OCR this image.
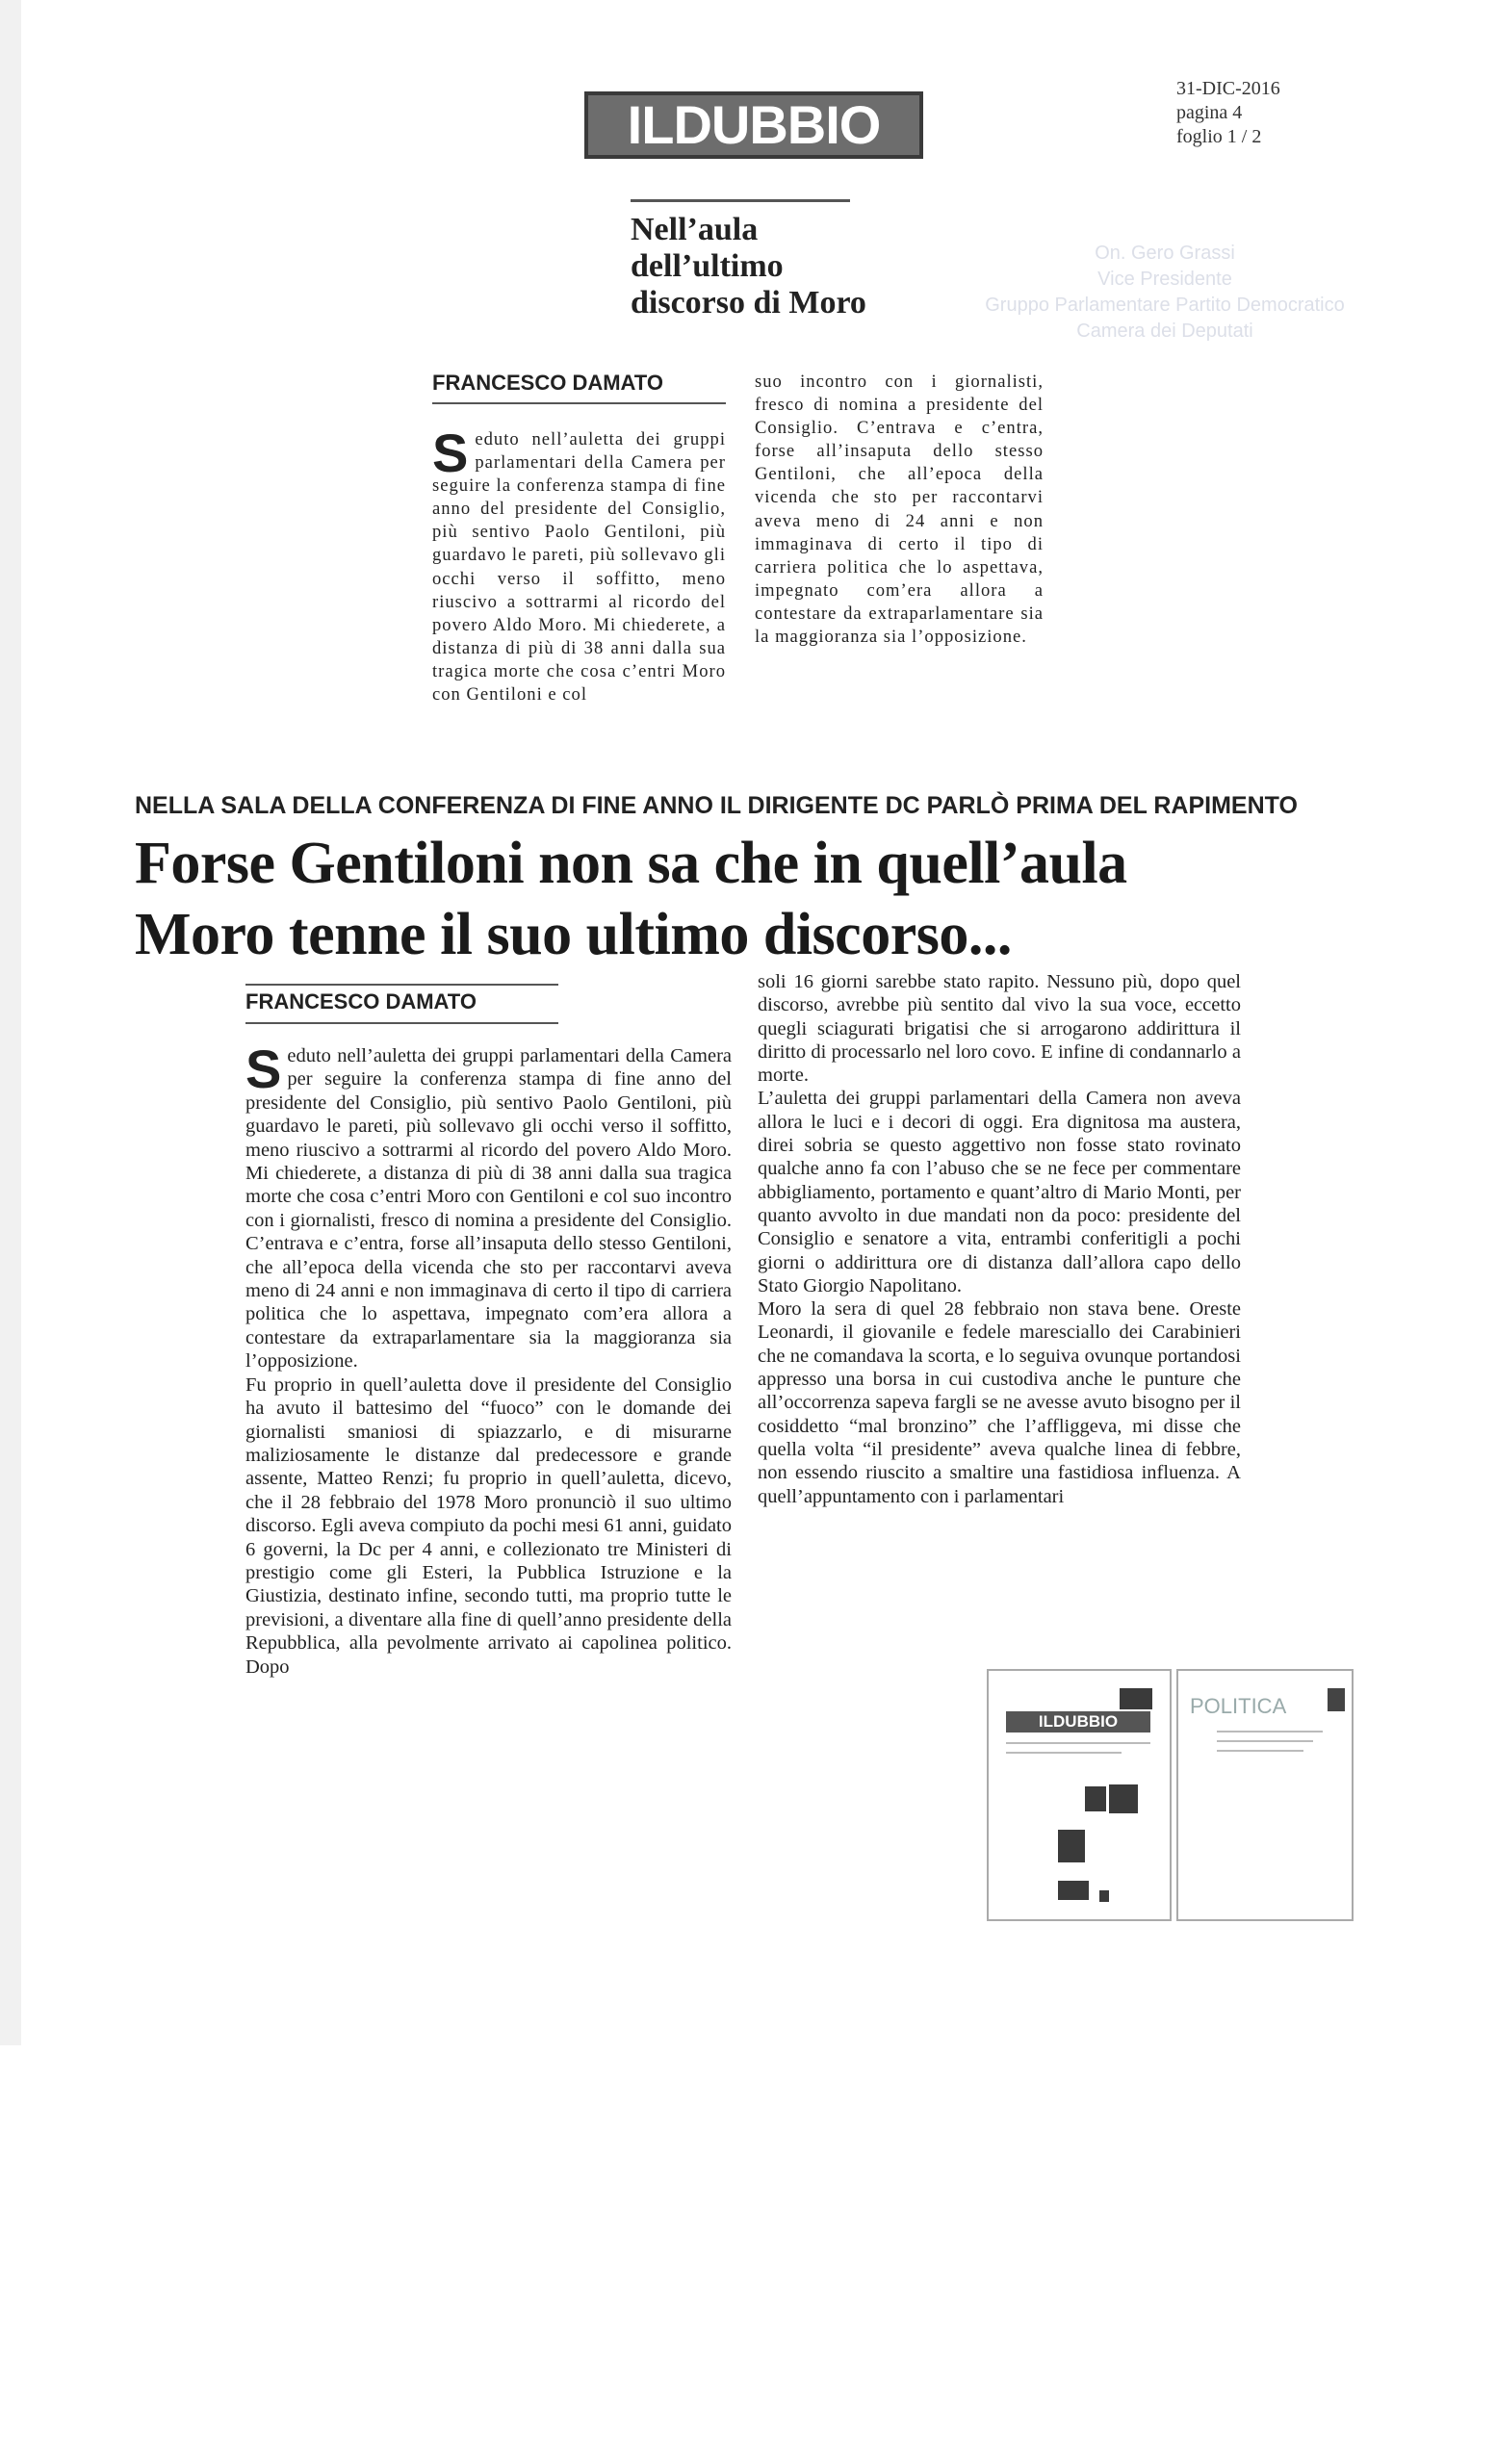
ILDUBBIO
31-DIC-2016
pagina 4
foglio 1 / 2
On. Gero Grassi
Vice Presidente
Gruppo Parlamentare Partito Democratico
Camera dei Deputati
Nell’aula dell’ultimo discorso di Moro
FRANCESCO DAMATO
Seduto nell’auletta dei gruppi parlamentari della Camera per seguire la conferenza stampa di fine anno del presidente del Consiglio, più sentivo Paolo Gentiloni, più guardavo le pareti, più sollevavo gli occhi verso il soffitto, meno riuscivo a sottrarmi al ricordo del povero Aldo Moro. Mi chiederete, a distanza di più di 38 anni dalla sua tragica morte che cosa c’entri Moro con Gentiloni e col
suo incontro con i giornalisti, fresco di nomina a presidente del Consiglio. C’entrava e c’entra, forse all’insaputa dello stesso Gentiloni, che all’epoca della vicenda che sto per raccontarvi aveva meno di 24 anni e non immaginava di certo il tipo di carriera politica che lo aspettava, impegnato com’era allora a contestare da extraparlamentare sia la maggioranza sia l’opposizione.
NELLA SALA DELLA CONFERENZA DI FINE ANNO IL DIRIGENTE DC PARLÒ PRIMA DEL RAPIMENTO
Forse Gentiloni non sa che in quell’aula
Moro tenne il suo ultimo discorso...
FRANCESCO DAMATO

Seduto nell’auletta dei gruppi parlamentari della Camera per seguire la conferenza stampa di fine anno del presidente del Consiglio, più sentivo Paolo Gentiloni, più guardavo le pareti, più sollevavo gli occhi verso il soffitto, meno riuscivo a sottrarmi al ricordo del povero Aldo Moro. Mi chiederete, a distanza di più di 38 anni dalla sua tragica morte che cosa c’entri Moro con Gentiloni e col suo incontro con i giornalisti, fresco di nomina a presidente del Consiglio. C’entrava e c’entra, forse all’insaputa dello stesso Gentiloni, che all’epoca della vicenda che sto per raccontarvi aveva meno di 24 anni e non immaginava di certo il tipo di carriera politica che lo aspettava, impegnato com’era allora a contestare da extraparlamentare sia la maggioranza sia l’opposizione.

Fu proprio in quell’auletta dove il presidente del Consiglio ha avuto il battesimo del “fuoco” con le domande dei giornalisti smaniosi di spiazzarlo, e di misurarne maliziosamente le distanze dal predecessore e grande assente, Matteo Renzi; fu proprio in quell’auletta, dicevo, che il 28 febbraio del 1978 Moro pronunciò il suo ultimo discorso. Egli aveva compiuto da pochi mesi 61 anni, guidato 6 governi, la Dc per 4 anni, e collezionato tre Ministeri di prestigio come gli Esteri, la Pubblica Istruzione e la Giustizia, destinato infine, secondo tutti, ma proprio tutte le previsioni, a diventare alla fine di quell’anno presidente della Repubblica, alla pevolmente arrivato ai capolinea politico. Dopo

soli 16 giorni sarebbe stato rapito. Nessuno più, dopo quel discorso, avrebbe più sentito dal vivo la sua voce, eccetto quegli sciagurati brigatisi che si arrogarono addirittura il diritto di processarlo nel loro covo. E infine di condannarlo a morte.

L’auletta dei gruppi parlamentari della Camera non aveva allora le luci e i decori di oggi. Era dignitosa ma austera, direi sobria se questo aggettivo non fosse stato rovinato qualche anno fa con l’abuso che se ne fece per commentare abbigliamento, portamento e quant’altro di Mario Monti, per quanto avvolto in due mandati non da poco: presidente del Consiglio e senatore a vita, entrambi conferitigli a pochi giorni o addirittura ore di distanza dall’allora capo dello Stato Giorgio Napolitano.

Moro la sera di quel 28 febbraio non stava bene. Oreste Leonardi, il giovanile e fedele maresciallo dei Carabinieri che ne comandava la scorta, e lo seguiva ovunque portandosi appresso una borsa in cui custodiva anche le punture che all’occorrenza sapeva fargli se ne avesse avuto bisogno per il cosiddetto “mal bronzino” che l’affliggeva, mi disse che quella volta “il presidente” aveva qualche linea di febbre, non essendo riuscito a smaltire una fastidiosa influenza. A quell’appuntamento con i parlamentari

ILDUBBIO
POLITICA
